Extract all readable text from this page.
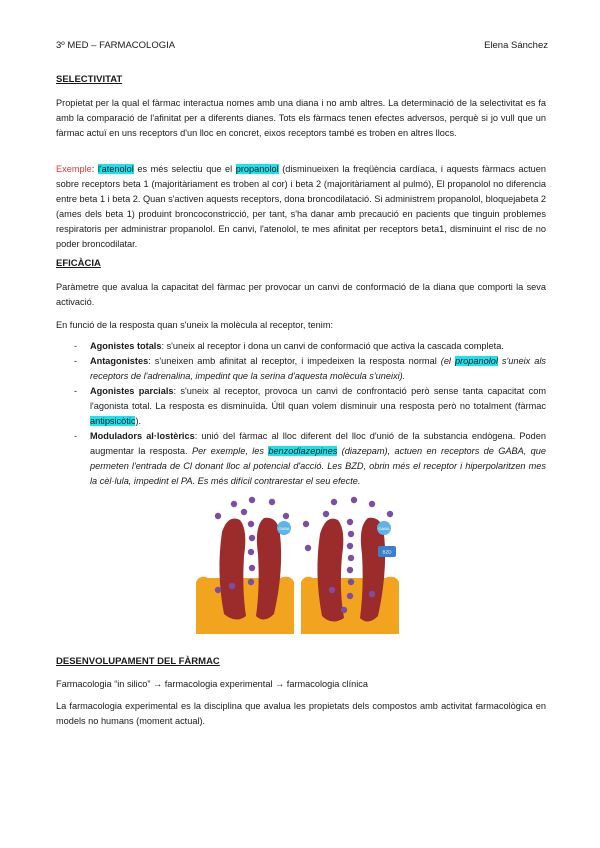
3º MED – FARMACOLOGIA	Elena Sánchez
SELECTIVITAT
Propietat per la qual el fàrmac interactua nomes amb una diana i no amb altres. La determinació de la selectivitat es fa amb la comparació de l'afinitat per a diferents dianes. Tots els fàrmacs tenen efectes adversos, perquè si jo vull que un fàrmac actuï en uns receptors d'un lloc en concret, eixos receptors també es troben en altres llocs.
Exemple: l'atenolol es més selectiu que el propanolol (disminueixen la freqüència cardíaca, i aquests fàrmacs actuen sobre receptors beta 1 (majoritàriament es troben al cor) i beta 2 (majoritàriament al pulmó), El propanolol no diferencia entre beta 1 i beta 2. Quan s'activen aquests receptors, dona broncodilatació. Si administrem propanolol, bloquejabeta 2 (ames dels beta 1) produint broncoconstricció, per tant, s'ha danar amb precaució en pacients que tinguin problemes respiratoris per administrar propanolol. En canvi, l'atenolol, te mes afinitat per receptors beta1, disminuint el risc de no poder broncodilatar.
EFICÀCIA
Paràmetre que avalua la capacitat del fàrmac per provocar un canvi de conformació de la diana que comporti la seva activació.
En funció de la resposta quan s'uneix la molècula al receptor, tenim:
- Agonistes totals: s'uneix al receptor i dona un canvi de conformació que activa la cascada completa.
- Antagonistes: s'uneixen amb afinitat al receptor, i impedeixen la resposta normal (el propanolol s'uneix als receptors de l'adrenalina, impedint que la serina d'aquesta molècula s'uneixi).
- Agonistes parcials: s'uneix al receptor, provoca un canvi de confrontació però sense tanta capacitat com l'agonista total. La resposta es disminuïda. Útil quan volem disminuir una resposta però no totalment (fàrmac antipsicòtic).
- Moduladors al·lostèrics: unió del fàrmac al lloc diferent del lloc d'unió de la substancia endògena. Poden augmentar la resposta. Per exemple, les benzodiazepines (diazepam), actuen en receptors de GABA, que permeten l'entrada de Cl donant lloc al potencial d'acció. Les BZD, obrin més el receptor i hiperpolaritzen mes la cèl·lula, impedint el PA. Es més difícil contrarestar el seu efecte.
GABA	GABA
BZD
DESENVOLUPAMENT DEL FÀRMAC
Farmacologia “in silico” → farmacologia experimental → farmacologia clínica
La farmacologia experimental es la disciplina que avalua les propietats dels compostos amb activitat farmacològica en models no humans (moment actual).
